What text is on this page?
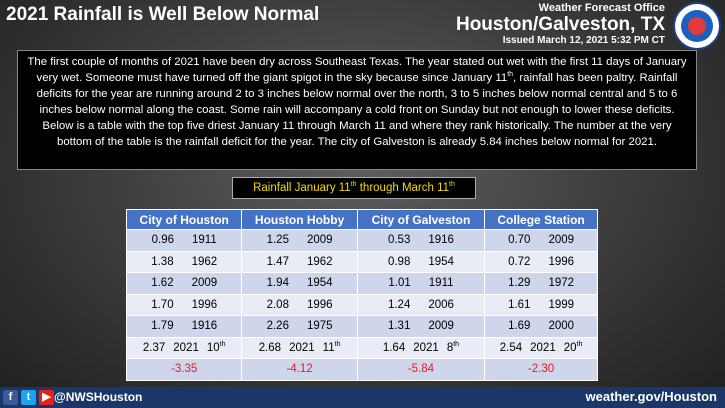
2021 Rainfall is Well Below Normal	Weather Forecast Office
Houston/Galveston, TX
Issued March 12, 2021 5:32 PM CT
The first couple of months of 2021 have been dry across Southeast Texas. The year stated out wet with the first 11 days of January very wet. Someone must have turned off the giant spigot in the sky because since January 11th, rainfall has been paltry. Rainfall deficits for the year are running around 2 to 3 inches below normal over the north, 3 to 5 inches below normal central and 5 to 6 inches below normal along the coast. Some rain will accompany a cold front on Sunday but not enough to lower these deficits. Below is a table with the top five driest January 11 through March 11 and where they rank historically. The number at the very bottom of the table is the rainfall deficit for the year. The city of Galveston is already 5.84 inches below normal for 2021.
Rainfall January 11th through March 11th
City of Houston	Houston Hobby	City of Galveston	College Station
0.96 1911	1.25 2009	0.53 1916	0.70 2009
1.38 1962	1.47 1962	0.98 1954	0.72 1996
1.62 2009	1.94 1954	1.01 1911	1.29 1972
1.70 1996	2.08 1996	1.24 2006	1.61 1999
1.79 1916	2.26 1975	1.31 2009	1.69 2000
2.37 2021 10th	2.68 2021 11th	1.64 2021 8th	2.54 2021 20th
-3.35	-4.12	-5.84	-2.30
f	t	▶ @NWSHouston	weather.gov/Houston
